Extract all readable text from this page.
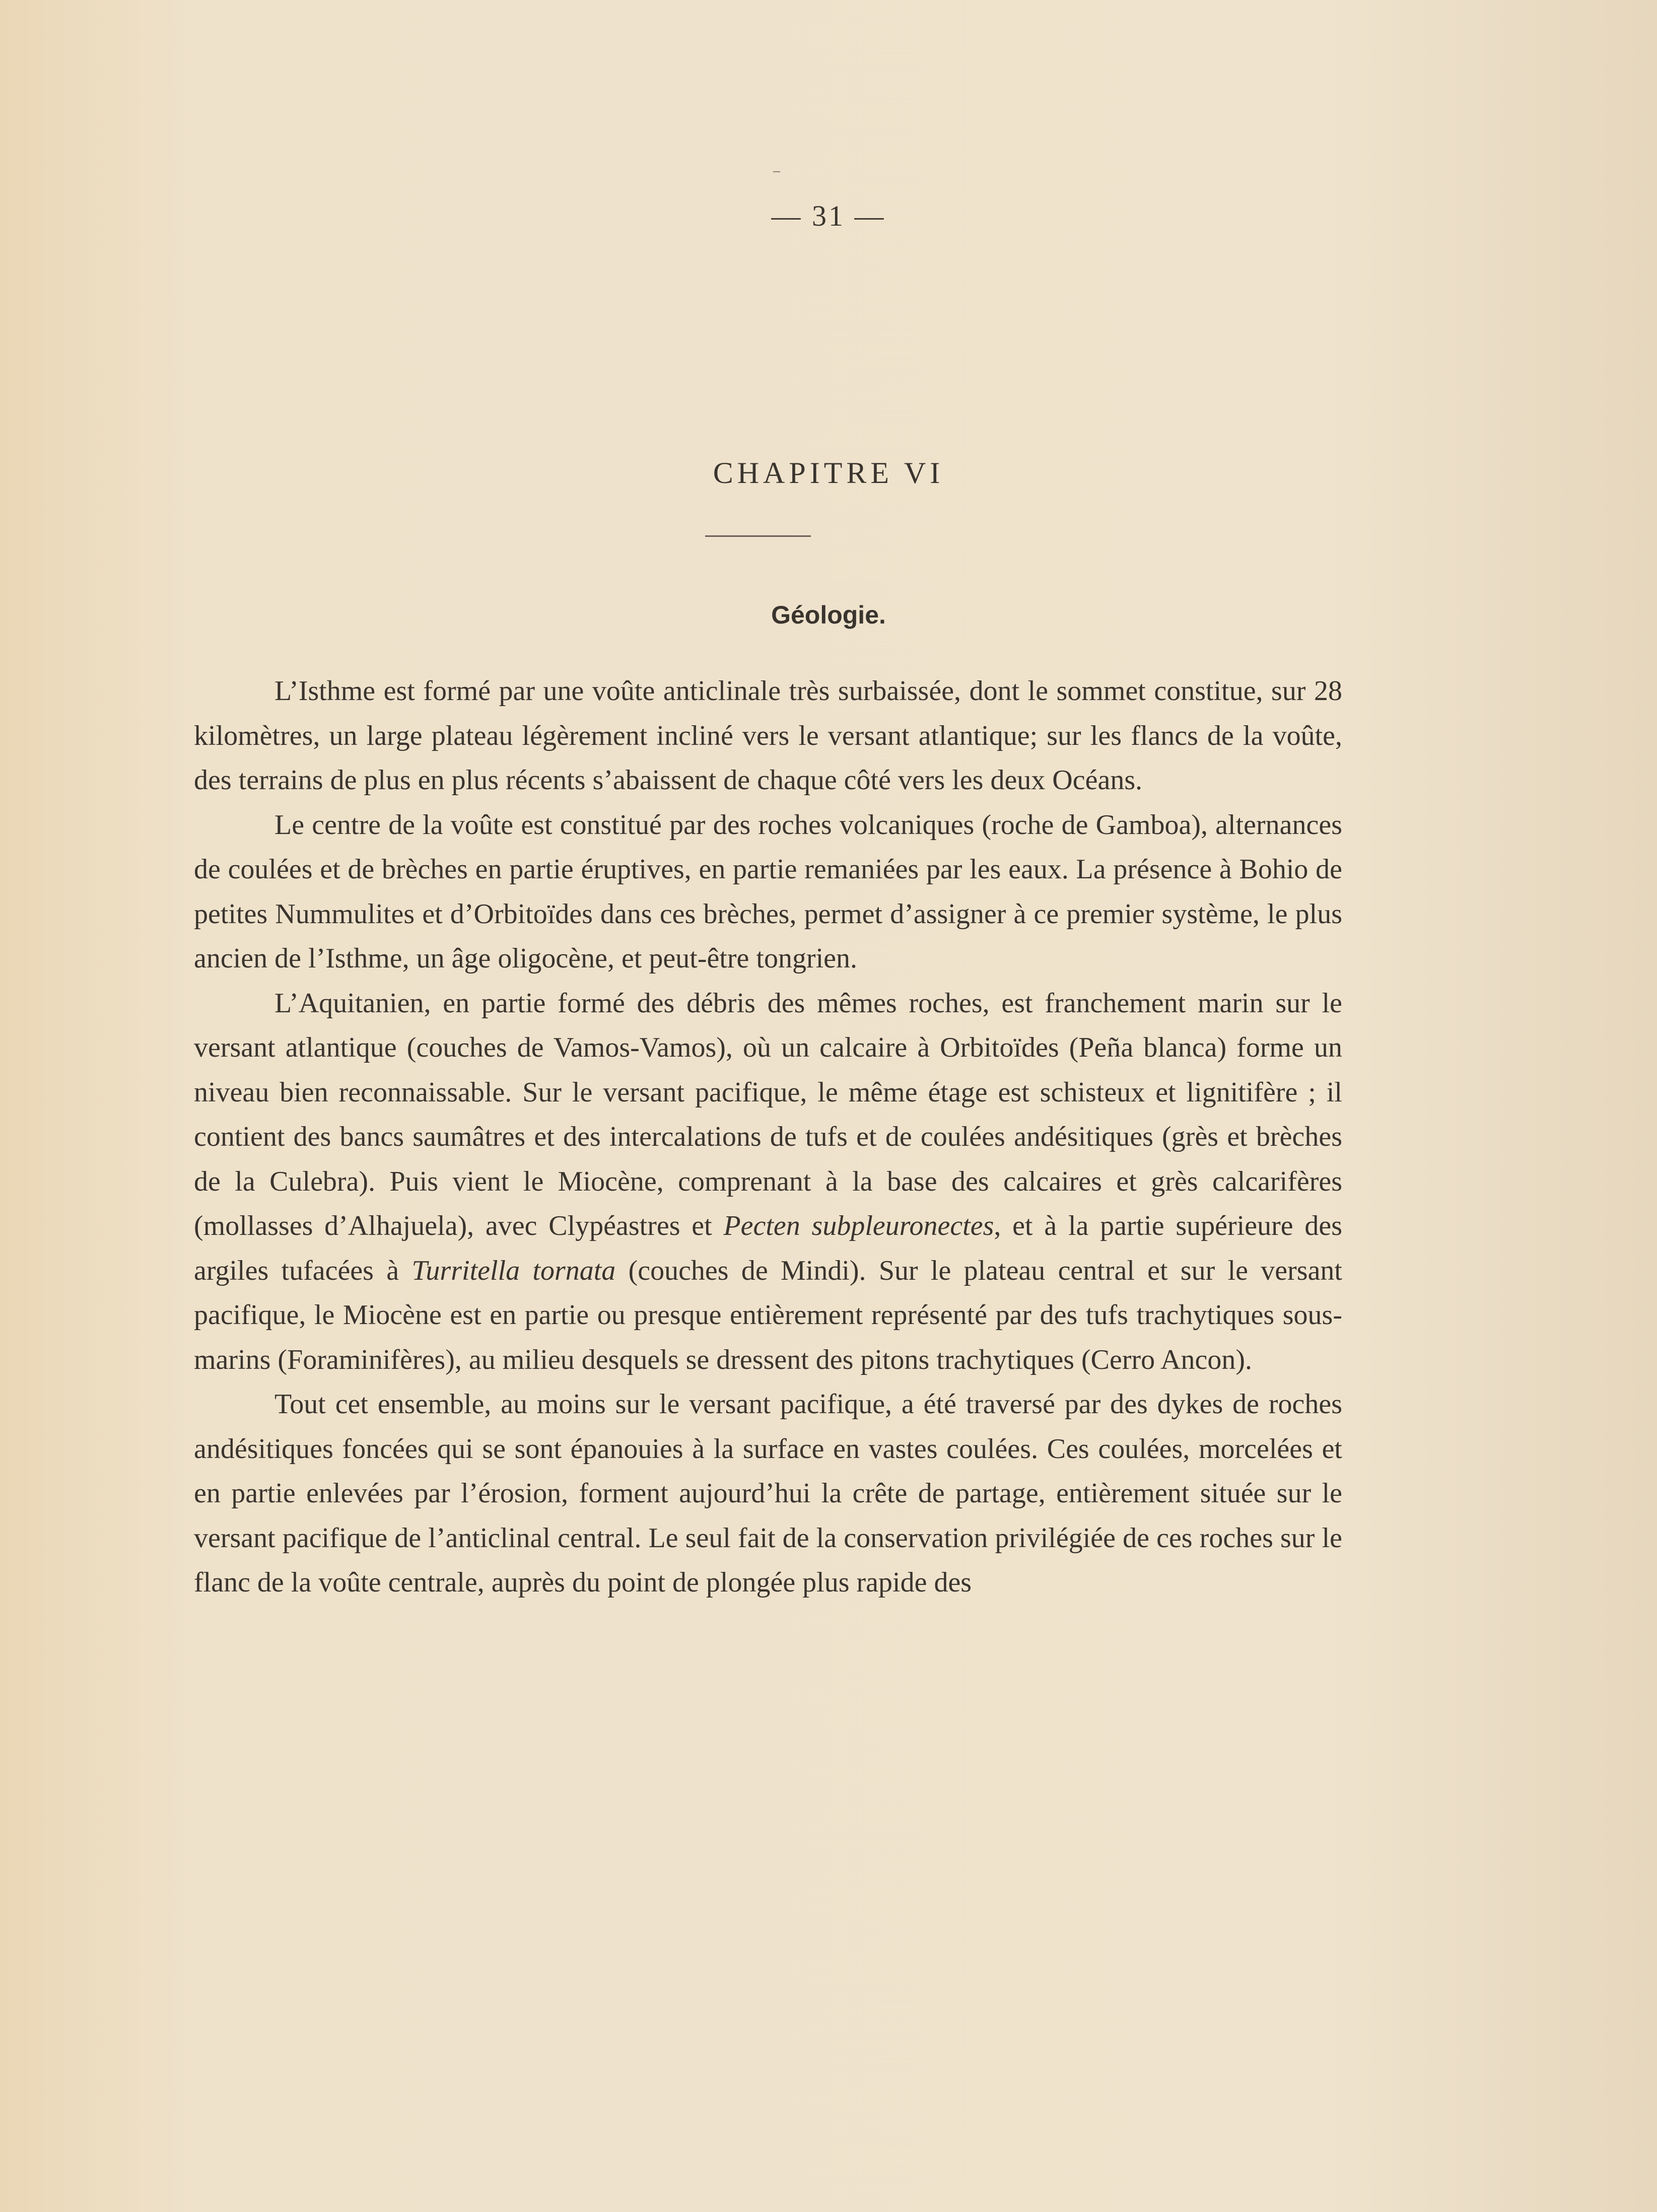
— 31 —
CHAPITRE VI
Géologie.

L’Isthme est formé par une voûte anticlinale très surbaissée, dont le sommet constitue, sur 28 kilomètres, un large plateau légèrement incliné vers le versant atlantique; sur les flancs de la voûte, des terrains de plus en plus récents s’abaissent de chaque côté vers les deux Océans.

Le centre de la voûte est constitué par des roches volcaniques (roche de Gamboa), alternances de coulées et de brèches en partie éruptives, en partie remaniées par les eaux. La présence à Bohio de petites Nummulites et d’Orbitoïdes dans ces brèches, permet d’assigner à ce premier système, le plus ancien de l’Isthme, un âge oligocène, et peut-être tongrien.

L’Aquitanien, en partie formé des débris des mêmes roches, est franchement marin sur le versant atlantique (couches de Vamos-Vamos), où un calcaire à Orbitoïdes (Peña blanca) forme un niveau bien reconnaissable. Sur le versant pacifique, le même étage est schisteux et lignitifère ; il contient des bancs saumâtres et des intercalations de tufs et de coulées andésitiques (grès et brèches de la Culebra). Puis vient le Miocène, comprenant à la base des calcaires et grès calcarifères (mollasses d’Alhajuela), avec Clypéastres et Pecten subpleuronectes, et à la partie supérieure des argiles tufacées à Turritella tornata (couches de Mindi). Sur le plateau central et sur le versant pacifique, le Miocène est en partie ou presque entièrement représenté par des tufs trachytiques sous-marins (Foraminifères), au milieu desquels se dressent des pitons trachytiques (Cerro Ancon).

Tout cet ensemble, au moins sur le versant pacifique, a été traversé par des dykes de roches andésitiques foncées qui se sont épanouies à la surface en vastes coulées. Ces coulées, morcelées et en partie enlevées par l’érosion, forment aujourd’hui la crête de partage, entièrement située sur le versant pacifique de l’anticlinal central. Le seul fait de la conservation privilégiée de ces roches sur le flanc de la voûte centrale, auprès du point de plongée plus rapide des
